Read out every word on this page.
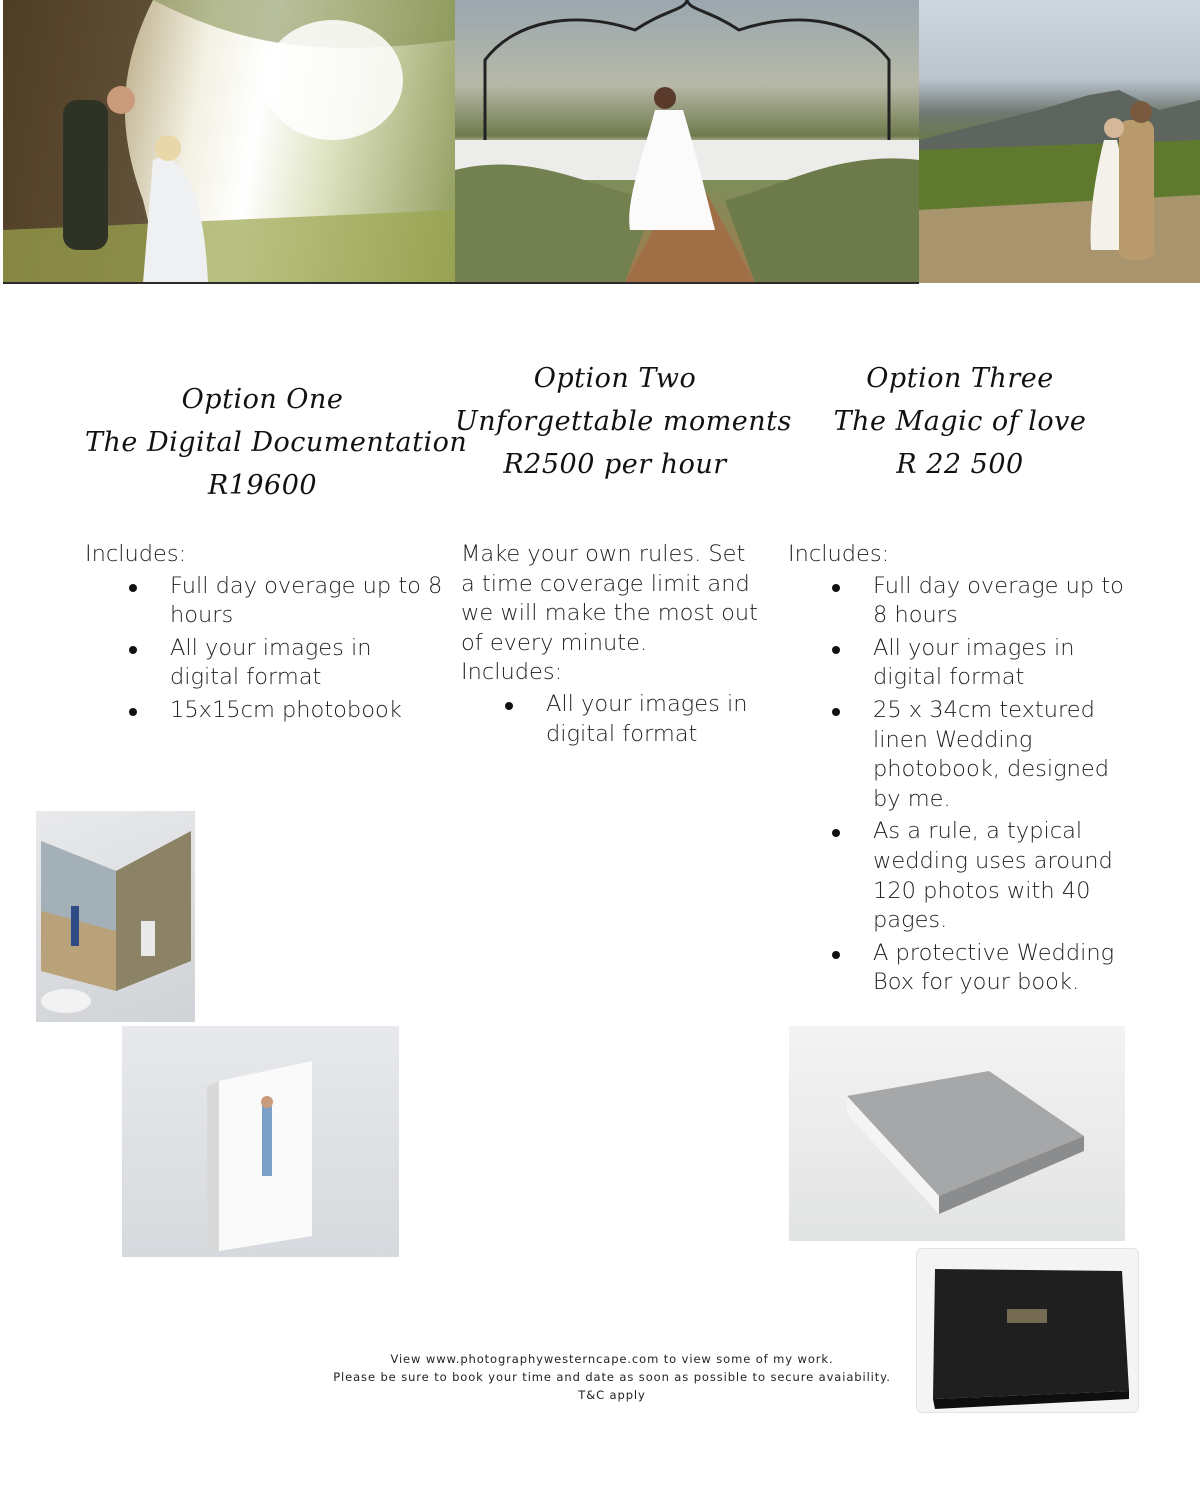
Option One
The Digital Documentation
R19600
Option Two
Unforgettable moments
R2500 per hour
Option Three
The Magic of love
R 22 500

Includes:

Full day overage up to 8 hours
All your images in digital format
15x15cm photobook

Make your own rules. Set a time coverage limit and we will make the most out of every minute.

Includes:

All your images in digital format

Includes:

Full day overage up to 8 hours
All your images in digital format
25 x 34cm textured linen Wedding photobook, designed by me.
As a rule, a typical wedding uses around 120 photos with 40 pages.
A protective Wedding Box for your book.
View www.photographywesterncape.com to view some of my work.
Please be sure to book your time and date as soon as possible to secure avaiability.
T&C apply
